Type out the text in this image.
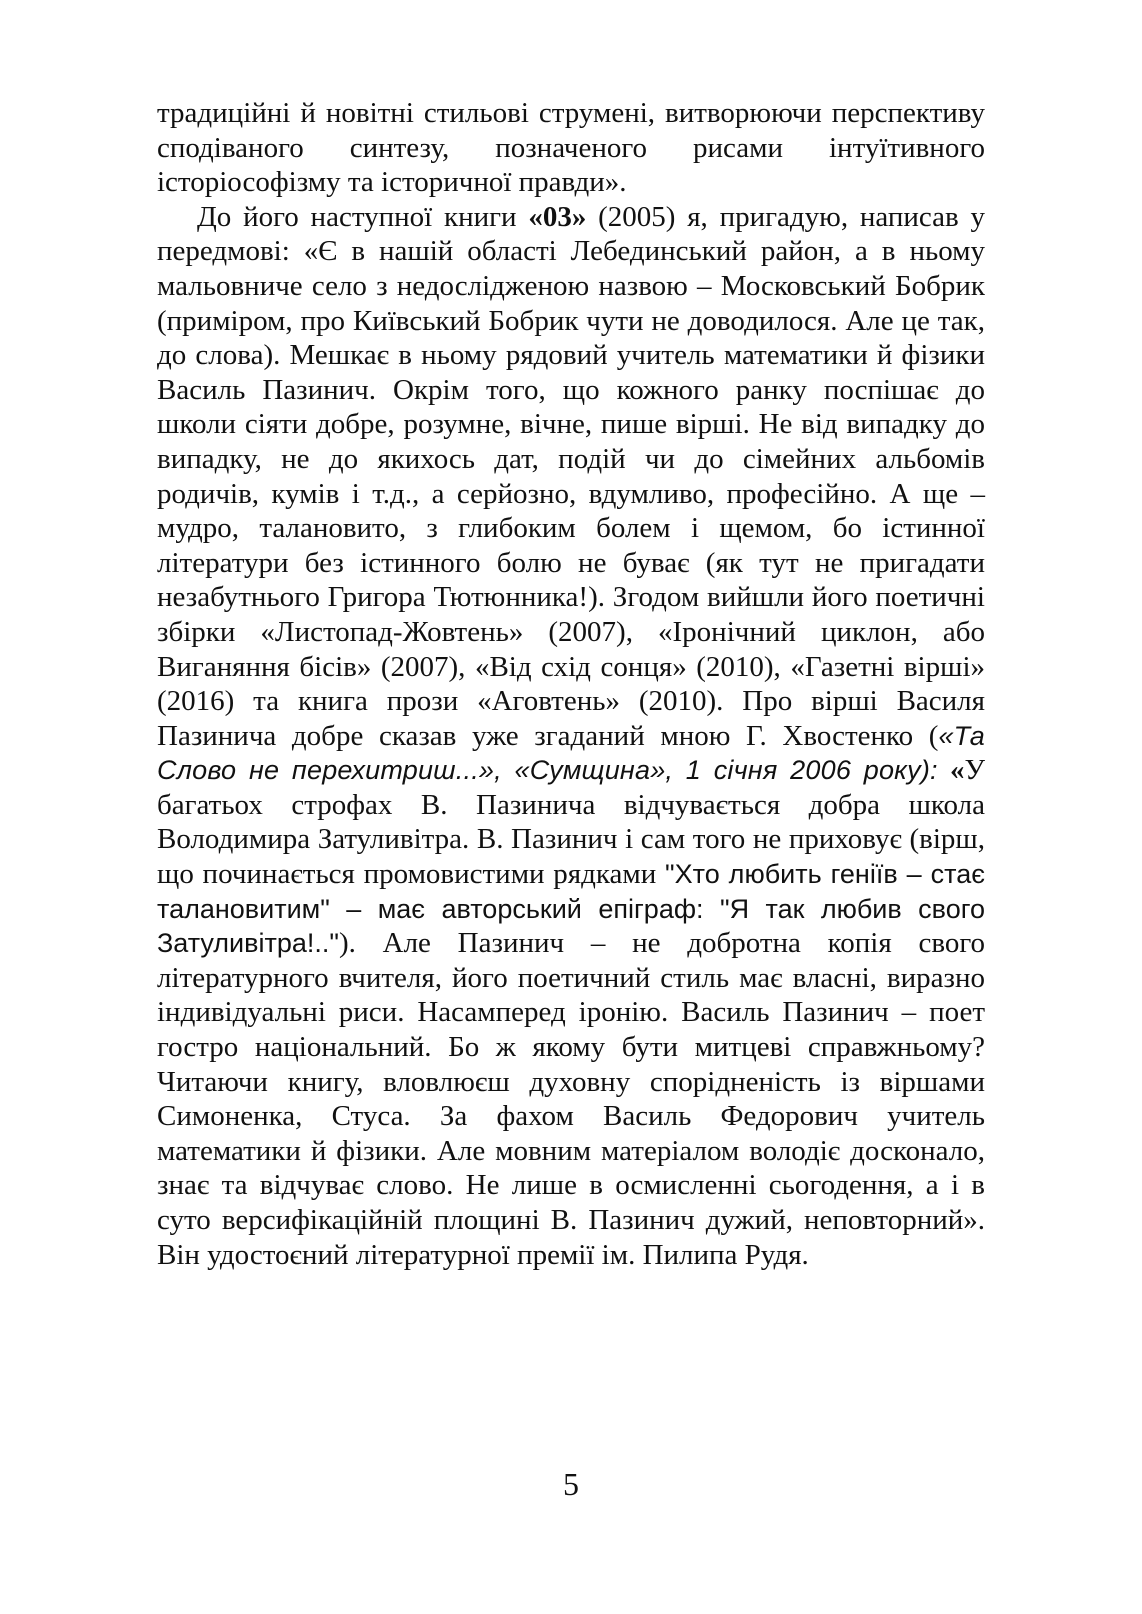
традиційні й новітні стильові струмені, витворюючи перспективу сподіваного синтезу, позначеного рисами інтуїтивного історіософізму та історичної правди».

До його наступної книги «03» (2005) я, пригадую, написав у передмові: «Є в нашій області Лебединський район, а в ньому мальовниче село з недослідженою назвою – Московський Бобрик (приміром, про Київський Бобрик чути не доводилося. Але це так, до слова). Мешкає в ньому рядовий учитель математики й фізики Василь Пазинич. Окрім того, що кожного ранку поспішає до школи сіяти добре, розумне, вічне, пише вірші. Не від випадку до випадку, не до якихось дат, подій чи до сімейних альбомів родичів, кумів і т.д., а серйозно, вдумливо, професійно. А ще – мудро, талановито, з глибоким болем і щемом, бо істинної літератури без істинного болю не буває (як тут не пригадати незабутнього Григора Тютюнника!). Згодом вийшли його поетичні збірки «Листопад-Жовтень» (2007), «Іронічний циклон, або Виганяння бісів» (2007), «Від схід сонця» (2010), «Газетні вірші» (2016) та книга прози «Аговтень» (2010). Про вірші Василя Пазинича добре сказав уже згаданий мною Г. Хвостенко («Та Слово не перехитриш...», «Сумщина», 1 січня 2006 року): «У багатьох строфах В. Пазинича відчувається добра школа Володимира Затуливітра. В. Пазинич і сам того не приховує (вірш, що починається промовистими рядками "Хто любить геніїв – стає талановитим" – має авторський епіграф: "Я так любив свого Затуливітра!.."). Але Пазинич – не добротна копія свого літературного вчителя, його поетичний стиль має власні, виразно індивідуальні риси. Насамперед іронію. Василь Пазинич – поет гостро національний. Бо ж якому бути митцеві справжньому? Читаючи книгу, вловлюєш духовну спорідненість із віршами Симоненка, Стуса. За фахом Василь Федорович учитель математики й фізики. Але мовним матеріалом володіє досконало, знає та відчуває слово. Не лише в осмисленні сьогодення, а і в суто версифікаційній площині В. Пазинич дужий, неповторний». Він удостоєний літературної премії ім. Пилипа Рудя.

5
